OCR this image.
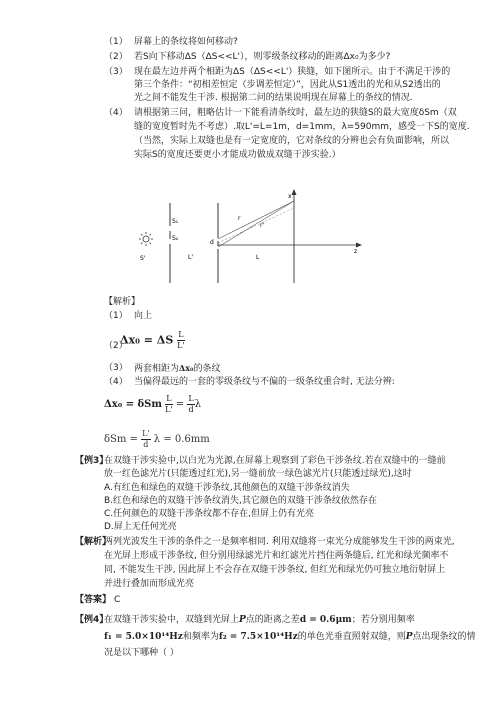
（1） 屏幕上的条纹将如何移动?
（2） 若S向下移动ΔS（ΔS<<L'），则零级条纹移动的距离Δx₀为多少?
（3） 现在最左边并两个相距为ΔS（ΔS<<L'）狭缝，如下图所示。由于不满足干涉的
第三个条件：“初相差恒定（步调差恒定）”，因此从S1透出的光和从S2透出的
光之间不能发生干涉. 根据第二问的结果说明现在屏幕上的条纹的情况.
（4） 请根据第三问，粗略估计一下能看清条纹时，最左边的狭缝S的最大宽度δSm（双
缝的宽度暂时先不考虑）.取L'=L=1m，d=1mm，λ=590mm，感受一下S的宽度.
（当然，实际上双缝也是有一定宽度的，它对条纹的分辨也会有负面影响，所以
实际S的宽度还要更小才能成功做成双缝干涉实验.）
S₁
S₂
S'
d
L'	L
r
r'
x
z
【解析】
（1） 向上
（2）
Δx₀ = ΔS $\frac{L}{L'}$
（3） 两套相距为Δx₀的条纹
（4） 当偏得最远的一套的零级条纹与不偏的一级条纹重合时, 无法分辨:
Δx₀ = δSm $\frac{L}{L'} = \frac{L}{d}$ λ
$\delta Sm = \frac{L'}{d}$ λ = 0.6mm
【例3】
在双缝干涉实验中,以白光为光源,在屏幕上观察到了彩色干涉条纹.若在双缝中的一缝前
放一红色滤光片(只能透过红光),另一缝前放一绿色滤光片(只能透过绿光),这时
A.有红色和绿色的双缝干涉条纹,其他颜色的双缝干涉条纹消失
B.红色和绿色的双缝干涉条纹消失,其它颜色的双缝干涉条纹依然存在
C.任何颜色的双缝干涉条纹都不存在,但屏上仍有光亮
D.屏上无任何光亮
【解析】
两列光波发生干涉的条件之一是频率相同. 利用双缝将一束光分成能够发生干涉的两束光,
在光屏上形成干涉条纹, 但分别用绿滤光片和红滤光片挡住两条缝后, 红光和绿光频率不
同, 不能发生干涉, 因此屏上不会存在双缝干涉条纹, 但红光和绿光仍可独立地衍射屏上
并进行叠加而形成光亮
【答案】 C
【例4】
在双缝干涉实验中，双缝到光屏上P点的距离之差d = 0.6μm；若分别用频率
f₁ = 5.0×10¹⁴Hz和频率为f₂ = 7.5×10¹⁴Hz的单色光垂直照射双缝，则P点出现条纹的情
况是以下哪种（ ）
